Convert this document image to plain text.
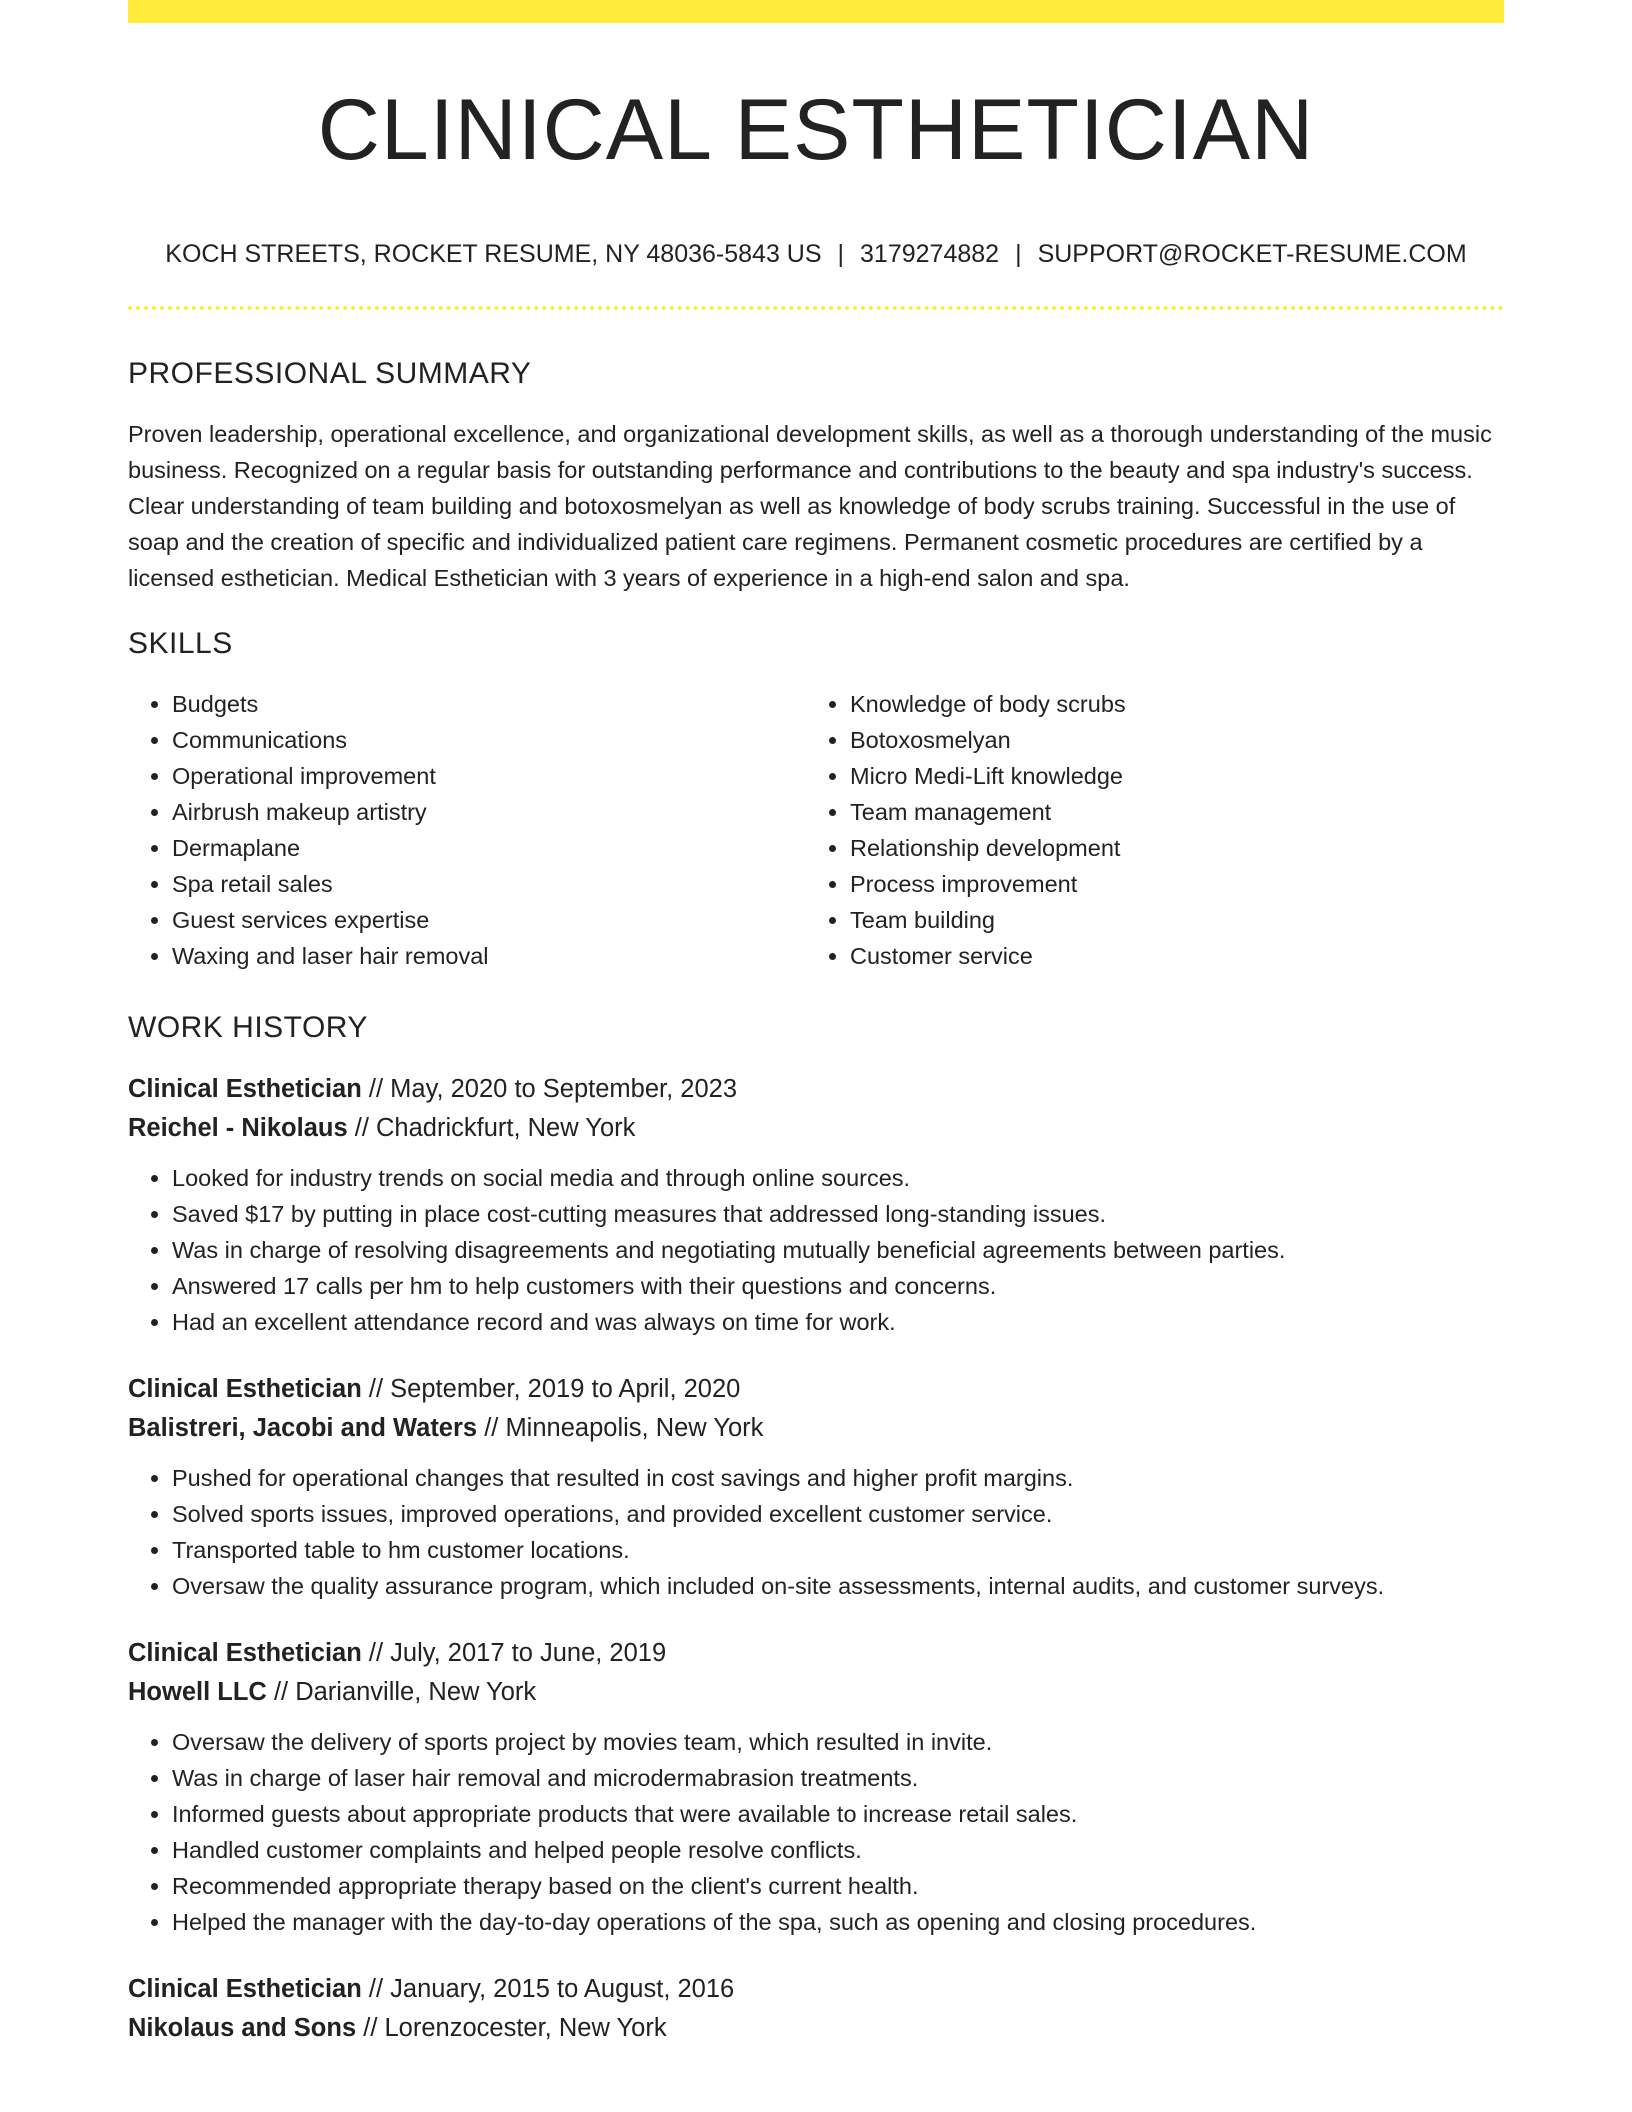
CLINICAL ESTHETICIAN
KOCH STREETS, ROCKET RESUME, NY 48036-5843 US | 3179274882 | SUPPORT@ROCKET-RESUME.COM
PROFESSIONAL SUMMARY

Proven leadership, operational excellence, and organizational development skills, as well as a thorough understanding of the music business. Recognized on a regular basis for outstanding performance and contributions to the beauty and spa industry's success. Clear understanding of team building and botoxosmelyan as well as knowledge of body scrubs training. Successful in the use of soap and the creation of specific and individualized patient care regimens. Permanent cosmetic procedures are certified by a licensed esthetician. Medical Esthetician with 3 years of experience in a high-end salon and spa.

SKILLS
• Budgets
• Communications
• Operational improvement
• Airbrush makeup artistry
• Dermaplane
• Spa retail sales
• Guest services expertise
• Waxing and laser hair removal
• Knowledge of body scrubs
• Botoxosmelyan
• Micro Medi-Lift knowledge
• Team management
• Relationship development
• Process improvement
• Team building
• Customer service
WORK HISTORY
Clinical Esthetician // May, 2020 to September, 2023
Reichel - Nikolaus // Chadrickfurt, New York
• Looked for industry trends on social media and through online sources.
• Saved $17 by putting in place cost-cutting measures that addressed long-standing issues.
• Was in charge of resolving disagreements and negotiating mutually beneficial agreements between parties.
• Answered 17 calls per hm to help customers with their questions and concerns.
• Had an excellent attendance record and was always on time for work.
Clinical Esthetician // September, 2019 to April, 2020
Balistreri, Jacobi and Waters // Minneapolis, New York
• Pushed for operational changes that resulted in cost savings and higher profit margins.
• Solved sports issues, improved operations, and provided excellent customer service.
• Transported table to hm customer locations.
• Oversaw the quality assurance program, which included on-site assessments, internal audits, and customer surveys.
Clinical Esthetician // July, 2017 to June, 2019
Howell LLC // Darianville, New York
• Oversaw the delivery of sports project by movies team, which resulted in invite.
• Was in charge of laser hair removal and microdermabrasion treatments.
• Informed guests about appropriate products that were available to increase retail sales.
• Handled customer complaints and helped people resolve conflicts.
• Recommended appropriate therapy based on the client's current health.
• Helped the manager with the day-to-day operations of the spa, such as opening and closing procedures.
Clinical Esthetician // January, 2015 to August, 2016
Nikolaus and Sons // Lorenzocester, New York
